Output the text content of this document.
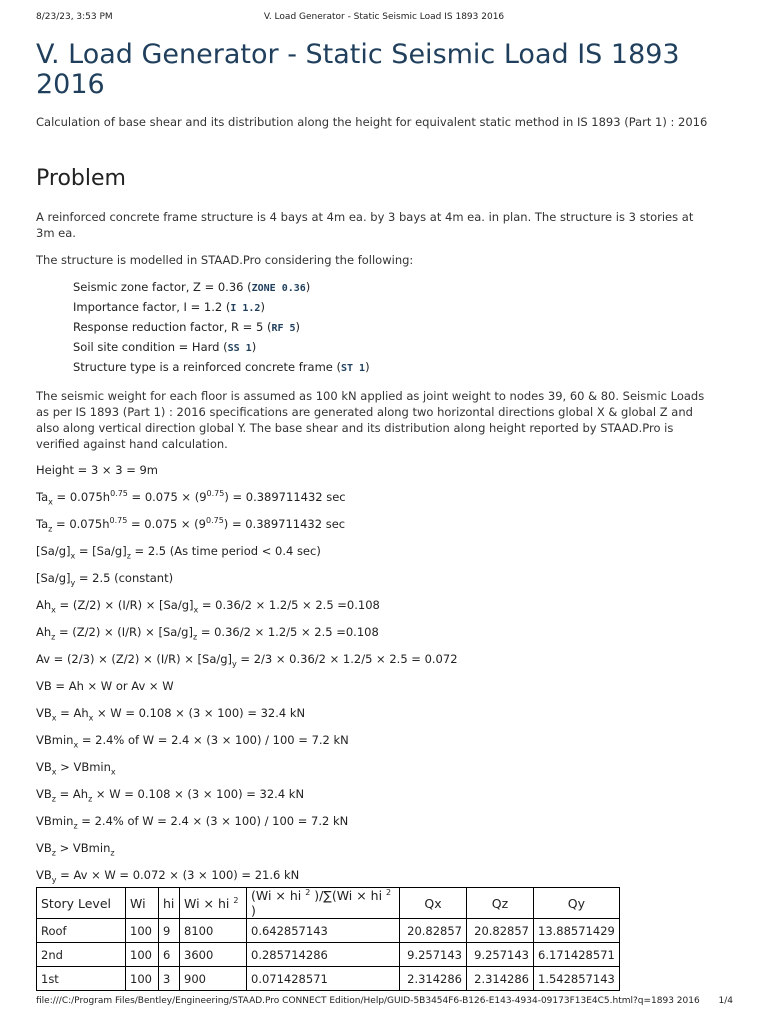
8/23/23, 3:53 PM	V. Load Generator - Static Seismic Load IS 1893 2016
V. Load Generator - Static Seismic Load IS 1893 2016
Calculation of base shear and its distribution along the height for equivalent static method in IS 1893 (Part 1) : 2016
Problem

A reinforced concrete frame structure is 4 bays at 4m ea. by 3 bays at 4m ea. in plan. The structure is 3 stories at 3m ea.

The structure is modelled in STAAD.Pro considering the following:

Seismic zone factor, Z = 0.36 (ZONE 0.36)
Importance factor, I = 1.2 (I 1.2)
Response reduction factor, R = 5 (RF 5)
Soil site condition = Hard (SS 1)
Structure type is a reinforced concrete frame (ST 1)

The seismic weight for each floor is assumed as 100 kN applied as joint weight to nodes 39, 60 & 80. Seismic Loads as per IS 1893 (Part 1) : 2016 specifications are generated along two horizontal directions global X & global Z and also along vertical direction global Y. The base shear and its distribution along height reported by STAAD.Pro is verified against hand calculation.

Height = 3 × 3 = 9m
$Ta_x = 0.075h^{0.75} = 0.075 \times (9^{0.75}) = 0.389711432$ sec
$Ta_z = 0.075h^{0.75} = 0.075 \times (9^{0.75}) = 0.389711432$ sec
$[Sa/g]_x = [Sa/g]_z = 2.5$ (As time period < 0.4 sec)
$[Sa/g]_y = 2.5$ (constant)
$Ah_x = (Z/2) \times (I/R) \times [Sa/g]_x = 0.36/2 \times 1.2/5 \times 2.5 =0.108$
$Ah_z = (Z/2) \times (I/R) \times [Sa/g]_z = 0.36/2 \times 1.2/5 \times 2.5 =0.108$
$Av = (2/3) \times (Z/2) \times (I/R) \times [Sa/g]_y = 2/3 \times 0.36/2 \times 1.2/5 \times 2.5 = 0.072$
VB = Ah × W or Av × W
$VB_x = Ah_x \times W = 0.108 \times (3 \times 100) = 32.4$ kN
VBmin$_x$ = 2.4% of W = 2.4 × (3 × 100) / 100 = 7.2 kN
$VB_x > VBmin_x$
$VB_z = Ah_z \times W = 0.108 \times (3 \times 100) = 32.4$ kN
VBmin$_z$ = 2.4% of W = 2.4 × (3 × 100) / 100 = 7.2 kN
$VB_z > VBmin_z$
$VB_y = Av \times W = 0.072 \times (3 \times 100) = 21.6$ kN
Story Level	Wi	hi	Wi × hi $^2$	(Wi × hi $^2$ )/∑(Wi × hi $^2$ )	Qx	Qz	Qy
Roof	100	9	8100	0.642857143	20.82857	20.82857	13.88571429
2nd	100	6	3600	0.285714286	9.257143	9.257143	6.171428571
1st	100	3	900	0.071428571	2.314286	2.314286	1.542857143
file:///C:/Program Files/Bentley/Engineering/STAAD.Pro CONNECT Edition/Help/GUID-5B3454F6-B126-E143-4934-09173F13E4C5.html?q=1893 2016 1/4
